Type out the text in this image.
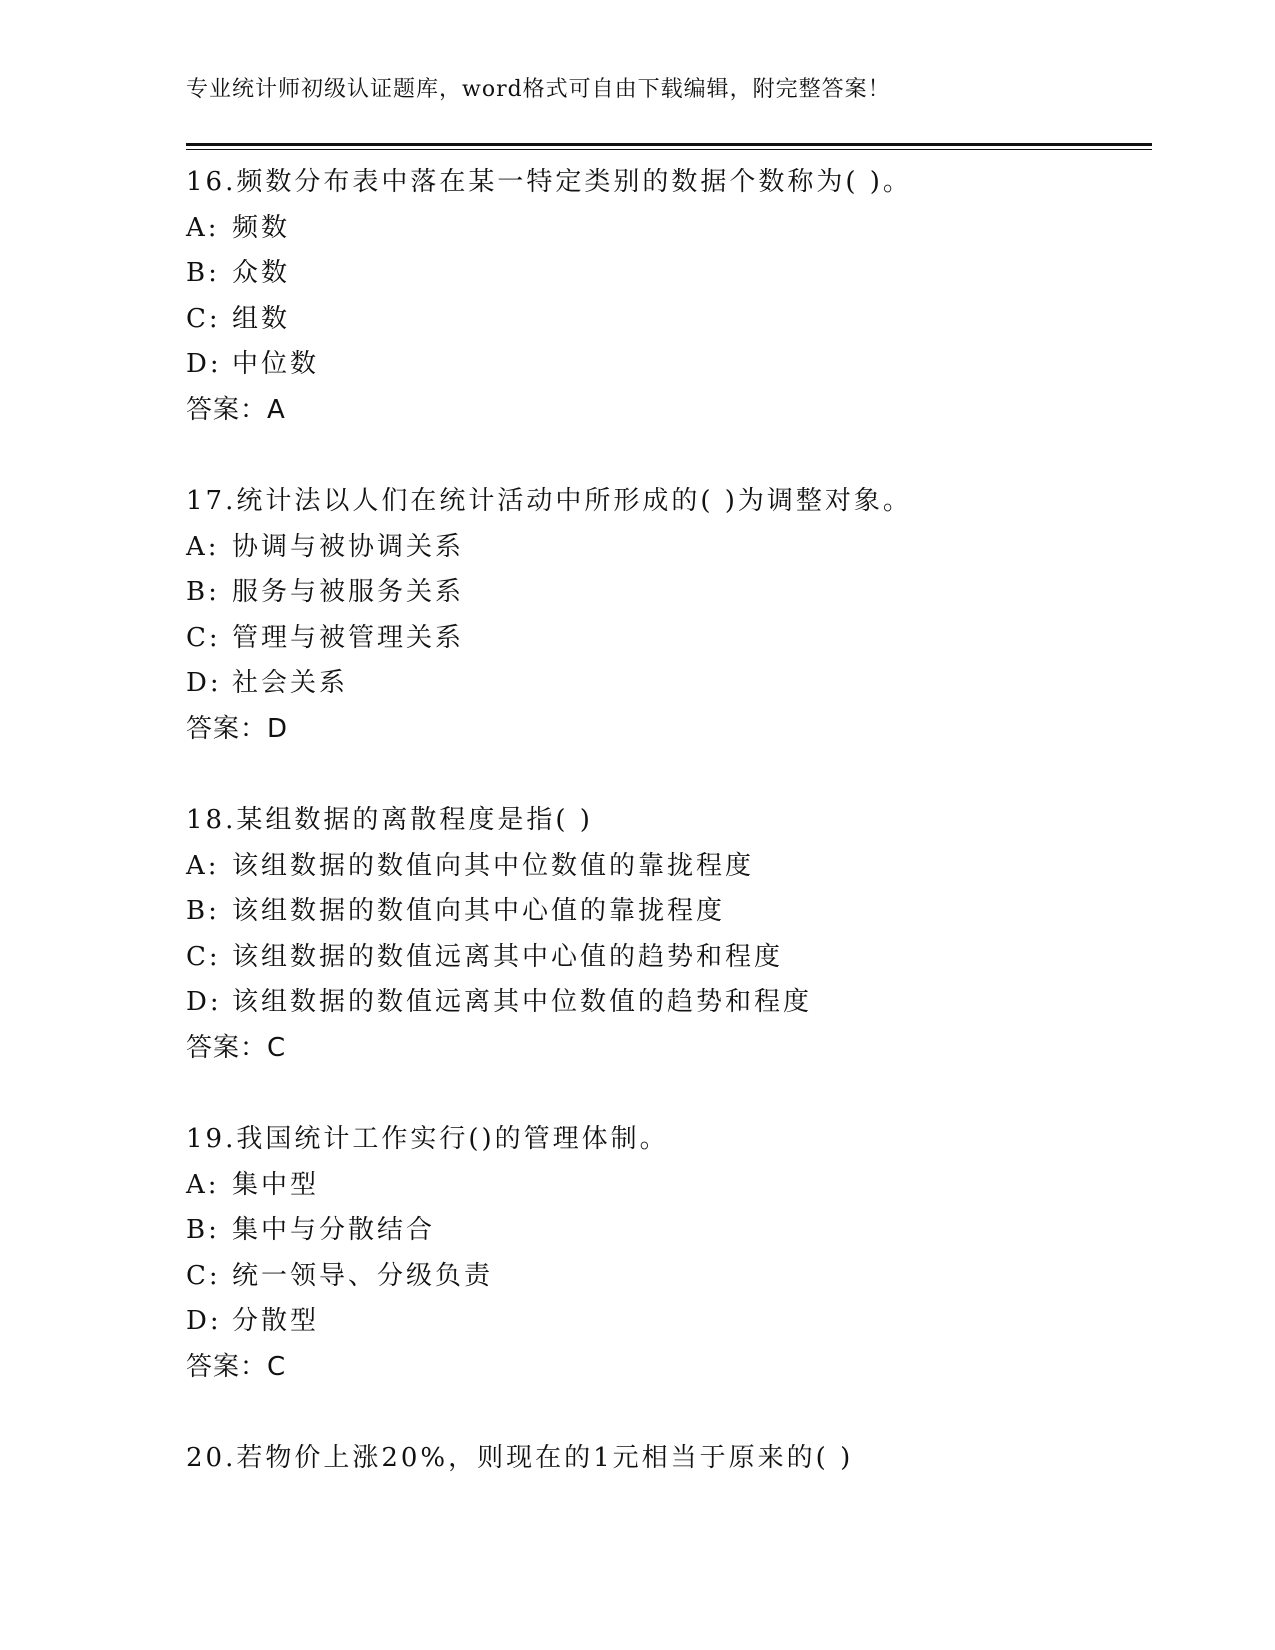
专业统计师初级认证题库，word格式可自由下载编辑，附完整答案！
16.频数分布表中落在某一特定类别的数据个数称为( )。
A: 频数
B: 众数
C: 组数
D: 中位数
答案：A
17.统计法以人们在统计活动中所形成的( )为调整对象。
A: 协调与被协调关系
B: 服务与被服务关系
C: 管理与被管理关系
D: 社会关系
答案：D
18.某组数据的离散程度是指( )
A: 该组数据的数值向其中位数值的靠拢程度
B: 该组数据的数值向其中心值的靠拢程度
C: 该组数据的数值远离其中心值的趋势和程度
D: 该组数据的数值远离其中位数值的趋势和程度
答案：C
19.我国统计工作实行()的管理体制。
A: 集中型
B: 集中与分散结合
C: 统一领导、分级负责
D: 分散型
答案：C
20.若物价上涨20%，则现在的1元相当于原来的( )
